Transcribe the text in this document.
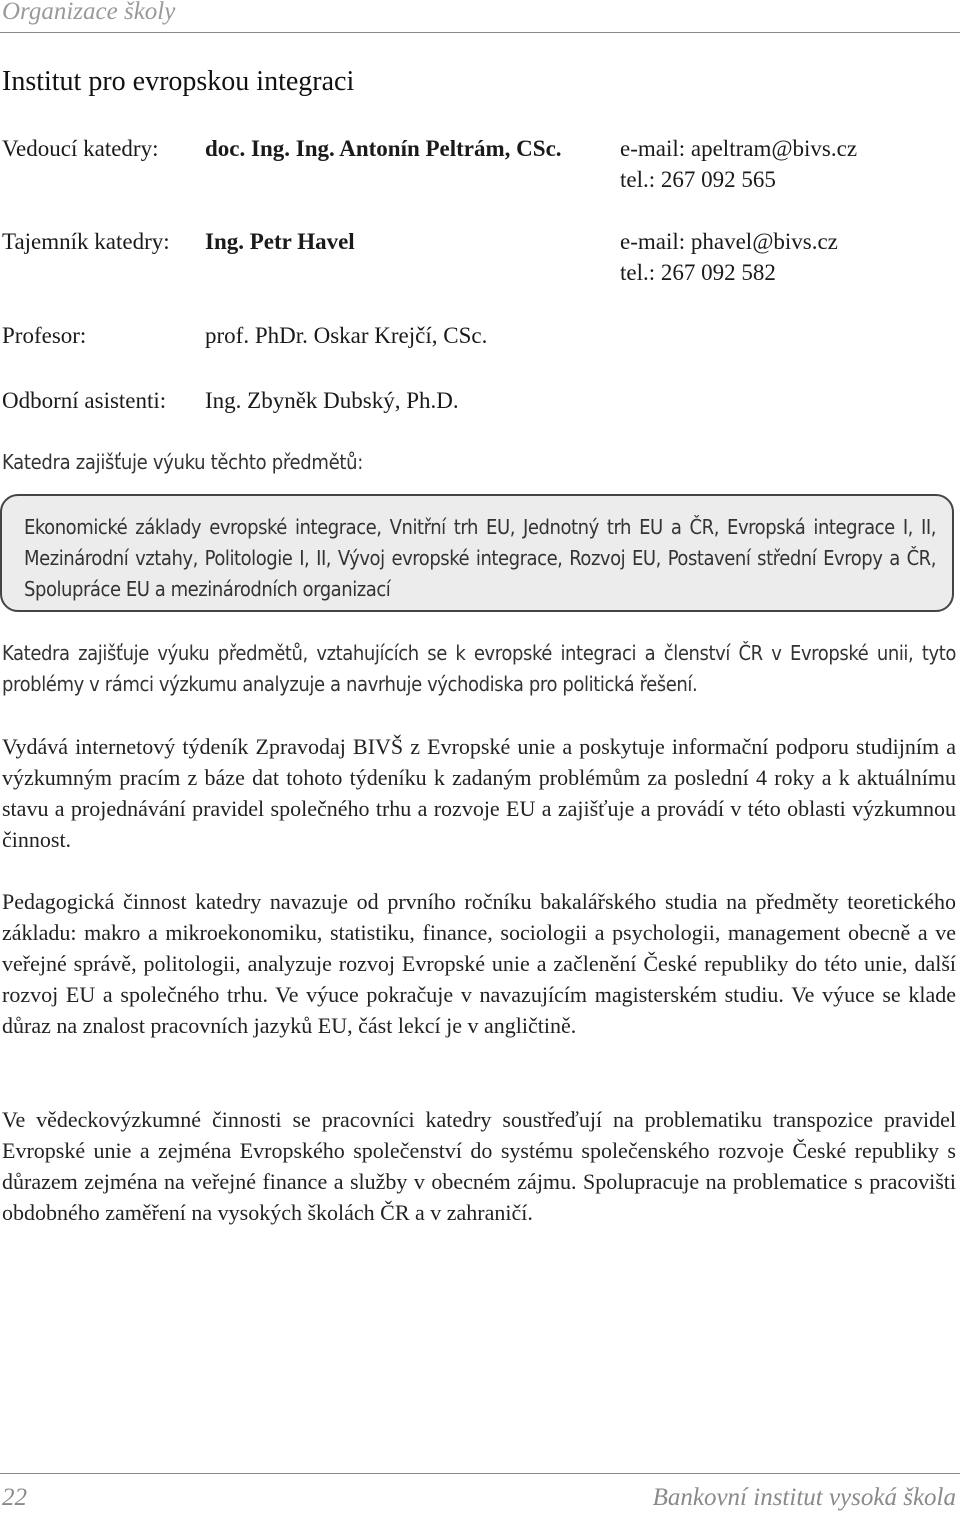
Organizace školy
Institut pro evropskou integraci
Vedoucí katedry: doc. Ing. Ing. Antonín Peltrám, CSc.	e-mail: apeltram@bivs.cz
tel.: 267 092 565
Tajemník katedry: Ing. Petr Havel	e-mail: phavel@bivs.cz
tel.: 267 092 582
Profesor:	prof. PhDr. Oskar Krejčí, CSc.
Odborní asistenti: Ing. Zbyněk Dubský, Ph.D.
Katedra zajišťuje výuku těchto předmětů:
Ekonomické základy evropské integrace, Vnitřní trh EU, Jednotný trh EU a ČR, Evropská integrace I, II, Mezinárodní vztahy, Politologie I, II, Vývoj evropské integrace, Rozvoj EU, Postavení střední Evropy a ČR, Spolupráce EU a mezinárodních organizací

Katedra zajišťuje výuku předmětů, vztahujících se k evropské integraci a členství ČR v Evropské unii, tyto problémy v rámci výzkumu analyzuje a navrhuje východiska pro politická řešení.

Vydává internetový týdeník Zpravodaj BIVŠ z Evropské unie a poskytuje informační podporu studijním a výzkumným pracím z báze dat tohoto týdeníku k zadaným problémům za poslední 4 roky a k aktuálnímu stavu a projednávání pravidel společného trhu a rozvoje EU a zajišťuje a provádí v této oblasti výzkumnou činnost.

Pedagogická činnost katedry navazuje od prvního ročníku bakalářského studia na předměty teoretického základu: makro a mikroekonomiku, statistiku, finance, sociologii a psychologii, management obecně a ve veřejné správě, politologii, analyzuje rozvoj Evropské unie a začlenění České republiky do této unie, další rozvoj EU a společného trhu. Ve výuce pokračuje v navazujícím magisterském studiu. Ve výuce se klade důraz na znalost pracovních jazyků EU, část lekcí je v angličtině.

Ve vědeckovýzkumné činnosti se pracovníci katedry soustřeďují na problematiku transpozice pravidel Evropské unie a zejména Evropského společenství do systému společenského rozvoje České republiky s důrazem zejména na veřejné finance a služby v obecném zájmu. Spolupracuje na problematice s pracovišti obdobného zaměření na vysokých školách ČR a v zahraničí.

22	Bankovní institut vysoká škola
